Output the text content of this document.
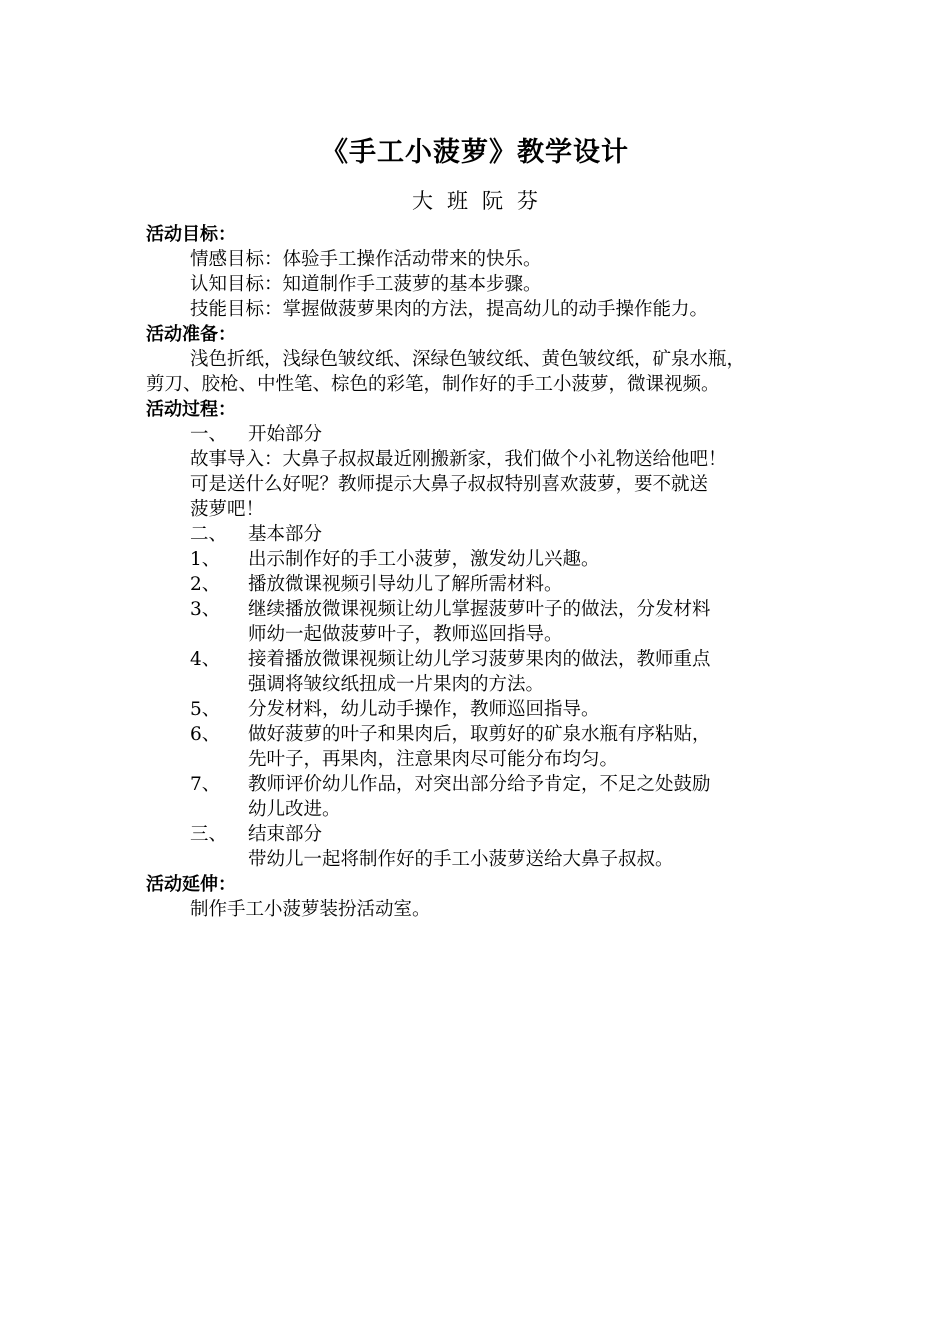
《手工小菠萝》教学设计
大班阮芬

活动目标：

情感目标：体验手工操作活动带来的快乐。

认知目标：知道制作手工菠萝的基本步骤。

技能目标：掌握做菠萝果肉的方法，提高幼儿的动手操作能力。

活动准备：

浅色折纸，浅绿色皱纹纸、深绿色皱纹纸、黄色皱纹纸，矿泉水瓶，

剪刀、胶枪、中性笔、棕色的彩笔，制作好的手工小菠萝，微课视频。

活动过程：

一、	开始部分

故事导入：大鼻子叔叔最近刚搬新家，我们做个小礼物送给他吧！

可是送什么好呢？教师提示大鼻子叔叔特别喜欢菠萝，要不就送

菠萝吧！

二、	基本部分
1、	出示制作好的手工小菠萝，激发幼儿兴趣。
2、	播放微课视频引导幼儿了解所需材料。
3、	继续播放微课视频让幼儿掌握菠萝叶子的做法，分发材料

师幼一起做菠萝叶子，教师巡回指导。

4、	接着播放微课视频让幼儿学习菠萝果肉的做法，教师重点

强调将皱纹纸扭成一片果肉的方法。

5、	分发材料，幼儿动手操作，教师巡回指导。
6、	做好菠萝的叶子和果肉后，取剪好的矿泉水瓶有序粘贴，

先叶子，再果肉，注意果肉尽可能分布均匀。

7、	教师评价幼儿作品，对突出部分给予肯定，不足之处鼓励

幼儿改进。

三、	结束部分

带幼儿一起将制作好的手工小菠萝送给大鼻子叔叔。

活动延伸：

制作手工小菠萝装扮活动室。
